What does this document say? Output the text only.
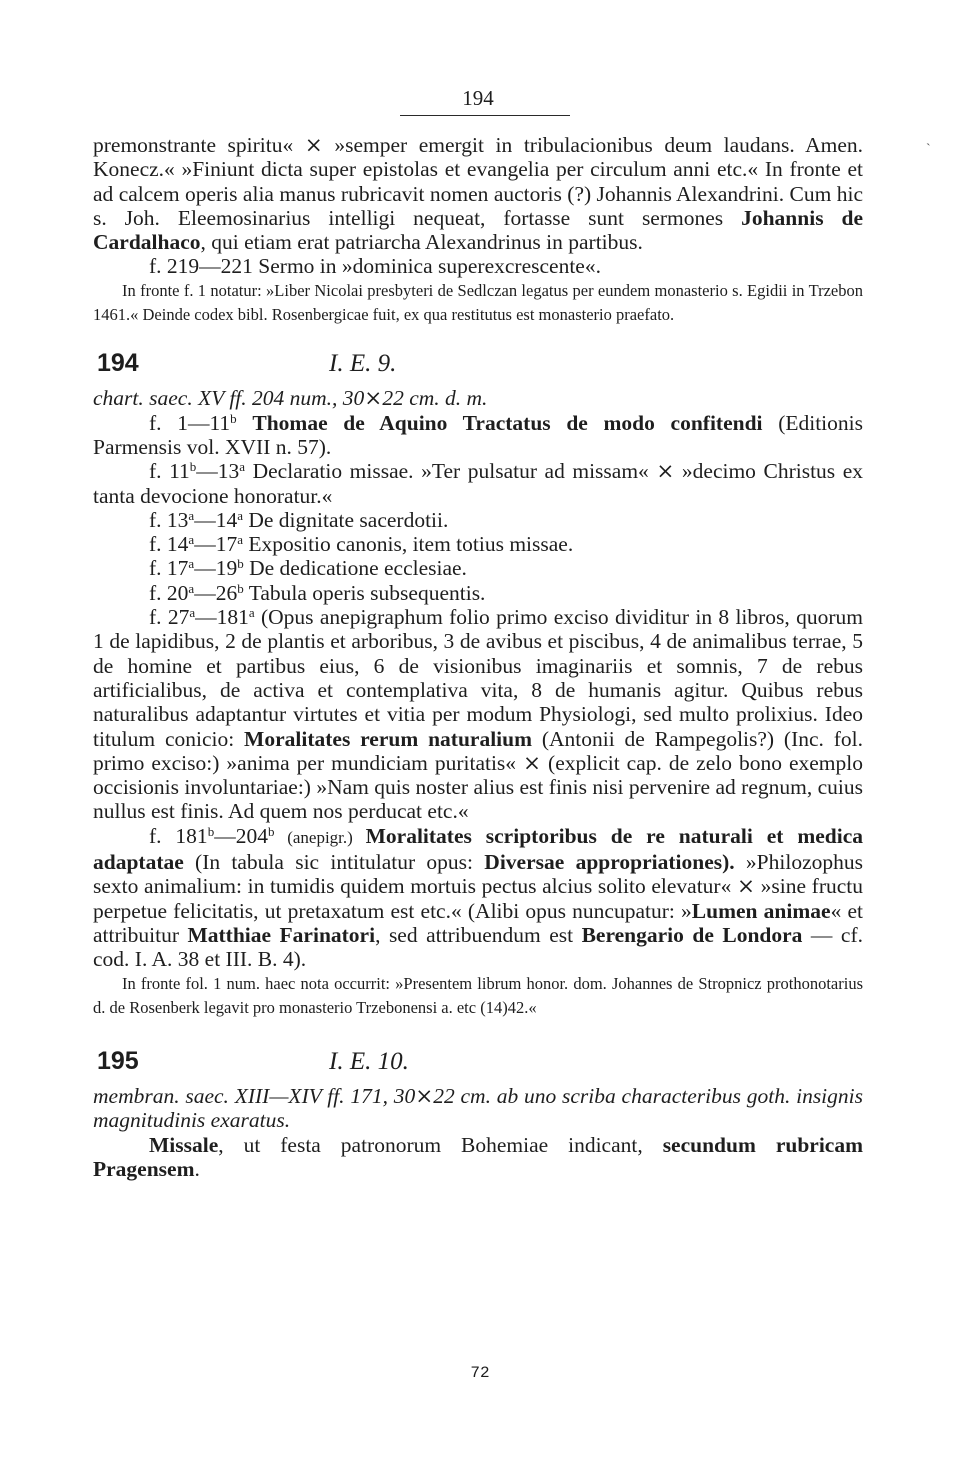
194

premonstrante spiritu« ⨯ »semper emergit in tribulacionibus deum laudans. Amen. Konecz.« »Finiunt dicta super epistolas et evangelia per circulum anni etc.« In fronte et ad calcem operis alia manus rubricavit nomen auctoris (?) Johannis Alexandrini. Cum hic s. Joh. Eleemosinarius intelligi nequeat, fortasse sunt sermones Johannis de Cardalhaco, qui etiam erat patriarcha Alexandrinus in partibus.

f. 219—221 Sermo in »dominica superexcrescente«.

In fronte f. 1 notatur: »Liber Nicolai presbyteri de Sedlczan legatus per eundem monasterio s. Egidii in Trzebon 1461.« Deinde codex bibl. Rosenbergicae fuit, ex qua restitutus est monasterio praefato.

194	I. E. 9.

chart. saec. XV ff. 204 num., 30⨯22 cm. d. m.

f. 1—11$^b$ Thomae de Aquino Tractatus de modo confitendi (Editionis Parmensis vol. XVII n. 57).

f. 11$^b$—13$^a$ Declaratio missae. »Ter pulsatur ad missam« ⨯ »decimo Christus ex tanta devocione honoratur.«

f. 13$^a$—14$^a$ De dignitate sacerdotii.

f. 14$^a$—17$^a$ Expositio canonis, item totius missae.

f. 17$^a$—19$^b$ De dedicatione ecclesiae.

f. 20$^a$—26$^b$ Tabula operis subsequentis.

f. 27$^a$—181$^a$ (Opus anepigraphum folio primo exciso dividitur in 8 libros, quorum 1 de lapidibus, 2 de plantis et arboribus, 3 de avibus et piscibus, 4 de animalibus terrae, 5 de homine et partibus eius, 6 de visionibus imaginariis et somnis, 7 de rebus artificialibus, de activa et contemplativa vita, 8 de humanis agitur. Quibus rebus naturalibus adaptantur virtutes et vitia per modum Physiologi, sed multo prolixius. Ideo titulum conicio: Moralitates rerum naturalium (Antonii de Rampegolis?) (Inc. fol. primo exciso:) »anima per mundiciam puritatis« ⨯ (explicit cap. de zelo bono exemplo occisionis involuntariae:) »Nam quis noster alius est finis nisi pervenire ad regnum, cuius nullus est finis. Ad quem nos perducat etc.«

f. 181$^b$—204$^b$ (anepigr.) Moralitates scriptoribus de re naturali et medica adaptatae (In tabula sic intitulatur opus: Diversae appropriationes). »Philozophus sexto animalium: in tumidis quidem mortuis pectus alcius solito elevatur« ⨯ »sine fructu perpetue felicitatis, ut pretaxatum est etc.« (Alibi opus nuncupatur: »Lumen animae« et attribuitur Matthiae Farinatori, sed attribuendum est Berengario de Londora — cf. cod. I. A. 38 et III. B. 4).

In fronte fol. 1 num. haec nota occurrit: »Presentem librum honor. dom. Johannes de Stropnicz prothonotarius d. de Rosenberk legavit pro monasterio Trzebonensi a. etc (14)42.«

195	I. E. 10.

membran. saec. XIII—XIV ff. 171, 30⨯22 cm. ab uno scriba characteribus goth. insignis magnitudinis exaratus.

Missale, ut festa patronorum Bohemiae indicant, secundum rubricam Pragensem.

`
72
